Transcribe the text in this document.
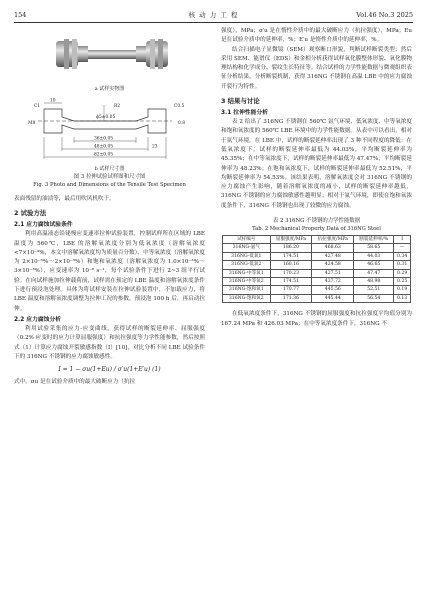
154	核 动 力 工 程	Vol.46 No.3 2025
a 试样实物图
C1	R2	C0.5
M8
ϕ5±0.05
36±0.05
48±0.05
82±0.05
10
23
0.8
b 试样尺寸图
图 3 拉伸试验试样图和尺寸图
Fig. 3 Photo and Dimensions of the Tensile Test Specimen

表面残留的油渍等，最后用吹风机吹干。

2 试验方法
2.1 应力腐蚀试验条件

利用高温液态铅铋慢应变速率拉伸试验装置，控制试样所在区域的 LBE 温度为 560℃，LBE 的溶解氧浓度分别为低氧浓度（溶解氧浓度<7×10⁻⁹%，本文中溶解氧浓度均为质量百分数）、中等氧浓度（溶解氧浓度为 2×10⁻⁶%～2×10⁻⁵%）和饱和氧浓度（溶解氧浓度为 1.0×10⁻³%～3×10⁻³%），应变速率为 10⁻⁶ s⁻¹，每个试验条件下进行 2~3 组平行试验。在向试样施加拉伸载荷前，试样需在预定的 LBE 温度和溶解氧浓度条件下进行预浸泡处理。具体为将试样安装在拉伸试验装置中，不加载应力，将 LBE 温度和溶解氧浓度调整为拉伸工况的参数，预浸泡 100 h 后，再启动拉伸。

2.2 应力腐蚀分析

利用试验采集的应力-应变曲线，获得试样的断裂延伸率、屈服强度（0.2% 应变时的应力计算屈服强度）和抗拉强度等力学性能参数，然后按照式（1）计算应力腐蚀开裂敏感指数（I）[10]，对比分析不同 LBE 试验条件下的 316NG 不锈钢的应力腐蚀敏感性。

I = 1 − σu(1+Eu) / σ′u(1+E′u) (1)

式中，σu 是在试验介质中的最大破断应力（抗拉

强度），MPa；σ′u 是在惰性介质中的最大破断应力（抗拉强度），MPa；Eu 是在试验介质中的延伸率，%；E′u 是惰性介质中的延伸率，%。

结合扫描电子显微镜（SEM）观察断口形貌，判断试样断裂类型；然后采用 SEM、能谱仪（EDS）和金相分析获得试样氧化膜整体形貌、氧化膜物理结构和化学成分、裂纹生长特征等。结合试样的力学性能数据与微观组织表征分析结果，分析断裂机制，获得 316NG 不锈钢在高温 LBE 中的应力腐蚀开裂行为特性。

3 结果与讨论
3.1 拉伸性能分析

表 2 给出了 316NG 不锈钢在 560℃ 氩气环境、低氧浓度、中等氧浓度和饱和氧浓度的 560℃ LBE 环境中的力学性能数据。从表中可以看出，相对于氩气环境，在 LBE 中，试样的断裂延伸率出现了 3 种不同程度的降低：在低氧浓度下，试样的断裂延伸率最低为 44.03%，平均断裂延伸率为 45.35%；在中等氧浓度下，试样的断裂延伸率最低为 47.47%，平均断裂延伸率为 48.23%；在饱和氧浓度下，试样的断裂延伸率最低为 52.51%，平均断裂延伸率为 54.53%。该结果表明，溶解氧浓度会对 316NG 不锈钢的应力腐蚀产生影响，随着溶解氧浓度的减小，试样的断裂延伸率越低，316NG 不锈钢的应力腐蚀敏感性越明显；相对于氩气环境，即使在饱和氧浓度条件下，316NG 不锈钢也出现了较微的应力腐蚀。

表 2 316NG 不锈钢的力学性能数据
Tab. 2 Mechanical Property Data of 316NG Steel
试样编号	屈服强度/MPa	抗拉强度/MPa	断裂延伸率/%	I
316NG-氩气	186.20	468.63	58.65	—
316NG-低氧1	174.51	427.48	44.03	0.34
316NG-低氧2	160.16	424.58	46.65	0.31
316NG-中等氧1	170.23	427.51	47.47	0.29
316NG-中等氧2	174.51	437.72	48.98	0.25
316NG-饱和氧1	170.77	445.56	52.51	0.19
316NG-饱和氧2	171.36	445.44	56.54	0.13

在低氧浓度条件下，316NG 不锈钢的屈服强度和抗拉强度平均值分别为 167.24 MPa 和 426.03 MPa；在中等氧浓度条件下，316NG 不
